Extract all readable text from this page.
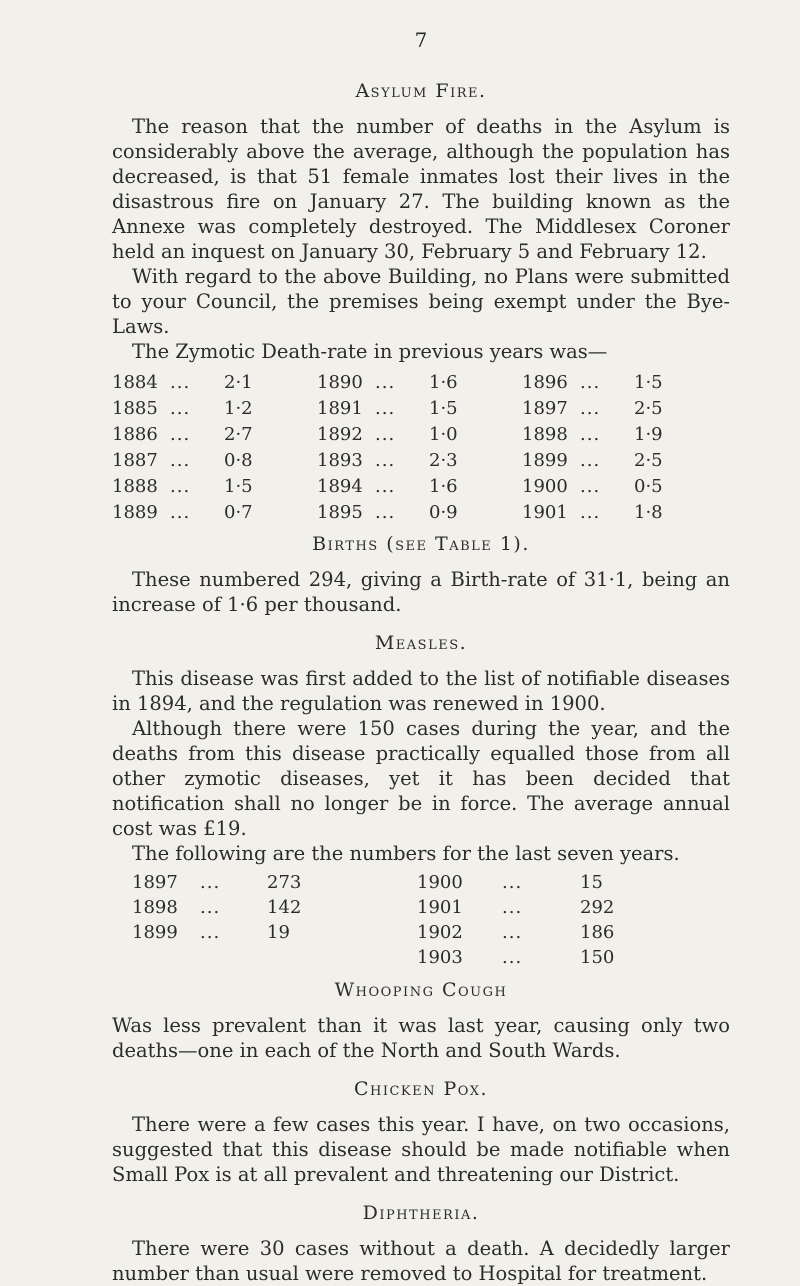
7
Asylum Fire.

The reason that the number of deaths in the Asylum is considerably above the average, although the population has decreased, is that 51 female inmates lost their lives in the disastrous fire on January 27. The building known as the Annexe was completely destroyed. The Middlesex Coroner held an inquest on January 30, February 5 and February 12.

With regard to the above Building, no Plans were submitted to your Council, the premises being exempt under the Bye-Laws.

The Zymotic Death-rate in previous years was—

1884 ... 2·1
1885 ... 1·2
1886 ... 2·7
1887 ... 0·8
1888 ... 1·5
1889 ... 0·7
1890 ... 1·6
1891 ... 1·5
1892 ... 1·0
1893 ... 2·3
1894 ... 1·6
1895 ... 0·9
1896 ... 1·5
1897 ... 2·5
1898 ... 1·9
1899 ... 2·5
1900 ... 0·5
1901 ... 1·8
Births (see Table 1).

These numbered 294, giving a Birth-rate of 31·1, being an increase of 1·6 per thousand.

Measles.

This disease was first added to the list of notifiable diseases in 1894, and the regulation was renewed in 1900.

Although there were 150 cases during the year, and the deaths from this disease practically equalled those from all other zymotic diseases, yet it has been decided that notification shall no longer be in force. The average annual cost was £19.

The following are the numbers for the last seven years.

1897 ...	273
1898 ...	142
1899 ...	19
1900 ...	15
1901 ...	292
1902 ...	186
1903 ...	150
Whooping Cough

Was less prevalent than it was last year, causing only two deaths—one in each of the North and South Wards.

Chicken Pox.

There were a few cases this year. I have, on two occasions, suggested that this disease should be made notifiable when Small Pox is at all prevalent and threatening our District.

Diphtheria.

There were 30 cases without a death. A decidedly larger number than usual were removed to Hospital for treatment.
